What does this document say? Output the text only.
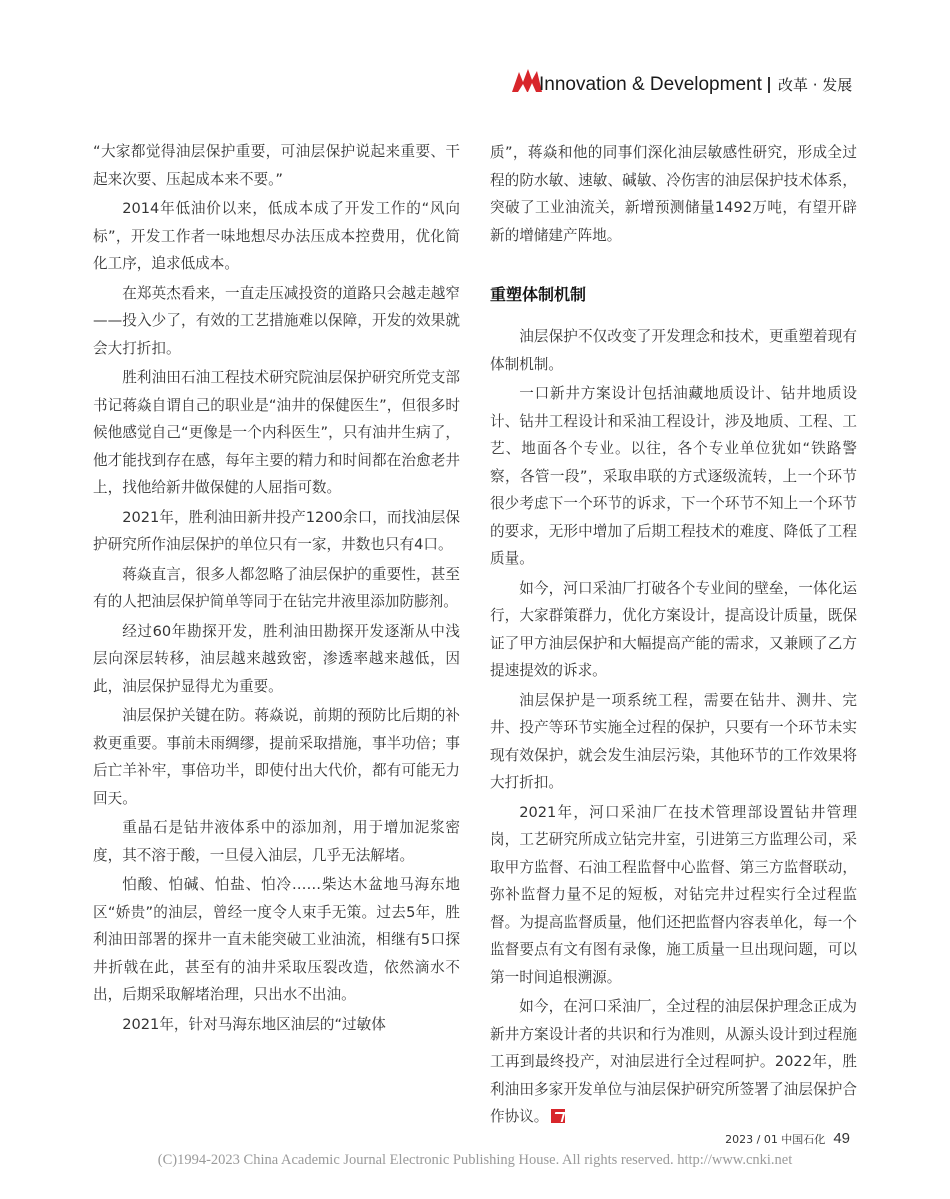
Innovation & Development 改革 · 发展

“大家都觉得油层保护重要，可油层保护说起来重要、干起来次要、压起成本来不要。”

2014年低油价以来，低成本成了开发工作的“风向标”，开发工作者一味地想尽办法压成本控费用，优化简化工序，追求低成本。

在郑英杰看来，一直走压减投资的道路只会越走越窄——投入少了，有效的工艺措施难以保障，开发的效果就会大打折扣。

胜利油田石油工程技术研究院油层保护研究所党支部书记蒋焱自谓自己的职业是“油井的保健医生”，但很多时候他感觉自己“更像是一个内科医生”，只有油井生病了，他才能找到存在感，每年主要的精力和时间都在治愈老井上，找他给新井做保健的人屈指可数。

2021年，胜利油田新井投产1200余口，而找油层保护研究所作油层保护的单位只有一家，井数也只有4口。

蒋焱直言，很多人都忽略了油层保护的重要性，甚至有的人把油层保护简单等同于在钻完井液里添加防膨剂。

经过60年勘探开发，胜利油田勘探开发逐渐从中浅层向深层转移，油层越来越致密，渗透率越来越低，因此，油层保护显得尤为重要。

油层保护关键在防。蒋焱说，前期的预防比后期的补救更重要。事前未雨绸缪，提前采取措施，事半功倍；事后亡羊补牢，事倍功半，即使付出大代价，都有可能无力回天。

重晶石是钻井液体系中的添加剂，用于增加泥浆密度，其不溶于酸，一旦侵入油层，几乎无法解堵。

怕酸、怕碱、怕盐、怕冷……柴达木盆地马海东地区“娇贵”的油层，曾经一度令人束手无策。过去5年，胜利油田部署的探井一直未能突破工业油流，相继有5口探井折戟在此，甚至有的油井采取压裂改造，依然滴水不出，后期采取解堵治理，只出水不出油。

2021年，针对马海东地区油层的“过敏体

质”，蒋焱和他的同事们深化油层敏感性研究，形成全过程的防水敏、速敏、碱敏、冷伤害的油层保护技术体系，突破了工业油流关，新增预测储量1492万吨，有望开辟新的增储建产阵地。

重塑体制机制

油层保护不仅改变了开发理念和技术，更重塑着现有体制机制。

一口新井方案设计包括油藏地质设计、钻井地质设计、钻井工程设计和采油工程设计，涉及地质、工程、工艺、地面各个专业。以往，各个专业单位犹如“铁路警察，各管一段”，采取串联的方式逐级流转，上一个环节很少考虑下一个环节的诉求，下一个环节不知上一个环节的要求，无形中增加了后期工程技术的难度、降低了工程质量。

如今，河口采油厂打破各个专业间的壁垒，一体化运行，大家群策群力，优化方案设计，提高设计质量，既保证了甲方油层保护和大幅提高产能的需求，又兼顾了乙方提速提效的诉求。

油层保护是一项系统工程，需要在钻井、测井、完井、投产等环节实施全过程的保护，只要有一个环节未实现有效保护，就会发生油层污染，其他环节的工作效果将大打折扣。

2021年，河口采油厂在技术管理部设置钻井管理岗，工艺研究所成立钻完井室，引进第三方监理公司，采取甲方监督、石油工程监督中心监督、第三方监督联动，弥补监督力量不足的短板，对钻完井过程实行全过程监督。为提高监督质量，他们还把监督内容表单化，每一个监督要点有文有图有录像，施工质量一旦出现问题，可以第一时间追根溯源。

如今，在河口采油厂，全过程的油层保护理念正成为新井方案设计者的共识和行为准则，从源头设计到过程施工再到最终投产，对油层进行全过程呵护。2022年，胜利油田多家开发单位与油层保护研究所签署了油层保护合作协议。

2023 / 01 中国石化 49
(C)1994-2023 China Academic Journal Electronic Publishing House. All rights reserved. http://www.cnki.net
